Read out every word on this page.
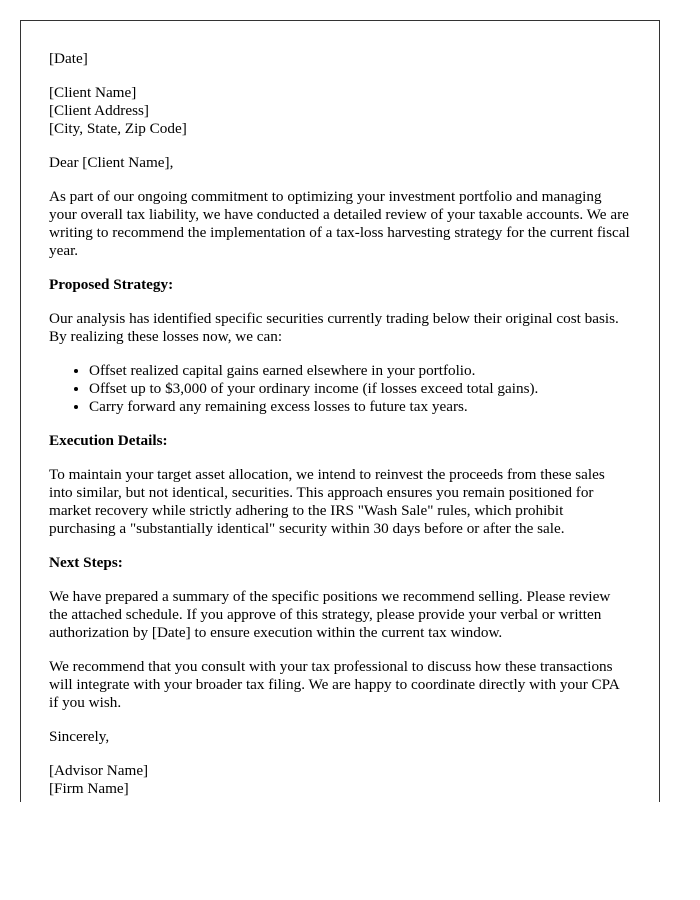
[Date]

[Client Name]

[Client Address]

[City, State, Zip Code]

Dear [Client Name],

As part of our ongoing commitment to optimizing your investment portfolio and managing your overall tax liability, we have conducted a detailed review of your taxable accounts. We are writing to recommend the implementation of a tax-loss harvesting strategy for the current fiscal year.

Proposed Strategy:

Our analysis has identified specific securities currently trading below their original cost basis. By realizing these losses now, we can:

• Offset realized capital gains earned elsewhere in your portfolio.
• Offset up to $3,000 of your ordinary income (if losses exceed total gains).
• Carry forward any remaining excess losses to future tax years.

Execution Details:

To maintain your target asset allocation, we intend to reinvest the proceeds from these sales into similar, but not identical, securities. This approach ensures you remain positioned for market recovery while strictly adhering to the IRS "Wash Sale" rules, which prohibit purchasing a "substantially identical" security within 30 days before or after the sale.

Next Steps:

We have prepared a summary of the specific positions we recommend selling. Please review the attached schedule. If you approve of this strategy, please provide your verbal or written authorization by [Date] to ensure execution within the current tax window.

We recommend that you consult with your tax professional to discuss how these transactions will integrate with your broader tax filing. We are happy to coordinate directly with your CPA if you wish.

Sincerely,

[Advisor Name]

[Firm Name]
